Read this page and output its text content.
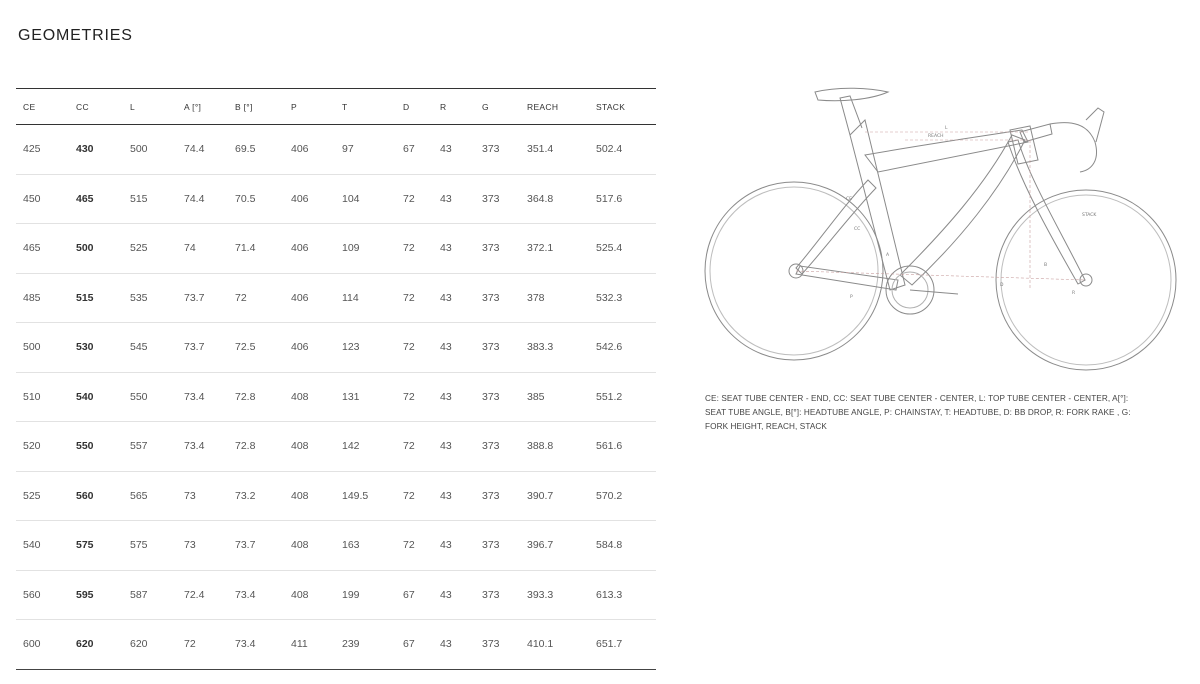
GEOMETRIES
CE	CC	L	A [°]	B [°]	P	T	D	R	G	REACH	STACK
425	430	500	74.4	69.5	406	97	67	43	373	351.4	502.4
450	465	515	74.4	70.5	406	104	72	43	373	364.8	517.6
465	500	525	74	71.4	406	109	72	43	373	372.1	525.4
485	515	535	73.7	72	406	114	72	43	373	378	532.3
500	530	545	73.7	72.5	406	123	72	43	373	383.3	542.6
510	540	550	73.4	72.8	408	131	72	43	373	385	551.2
520	550	557	73.4	72.8	408	142	72	43	373	388.8	561.6
525	560	565	73	73.2	408	149.5	72	43	373	390.7	570.2
540	575	575	73	73.7	408	163	72	43	373	396.7	584.8
560	595	587	72.4	73.4	408	199	67	43	373	393.3	613.3
600	620	620	72	73.4	411	239	67	43	373	410.1	651.7
REACH
L
STACK
CC
CE
A
B
P
D
R
CE: SEAT TUBE CENTER - END, CC: SEAT TUBE CENTER - CENTER, L: TOP TUBE CENTER - CENTER, A[°]: SEAT TUBE ANGLE, B[°]: HEADTUBE ANGLE, P: CHAINSTAY, T: HEADTUBE, D: BB DROP, R: FORK RAKE , G: FORK HEIGHT, REACH, STACK
